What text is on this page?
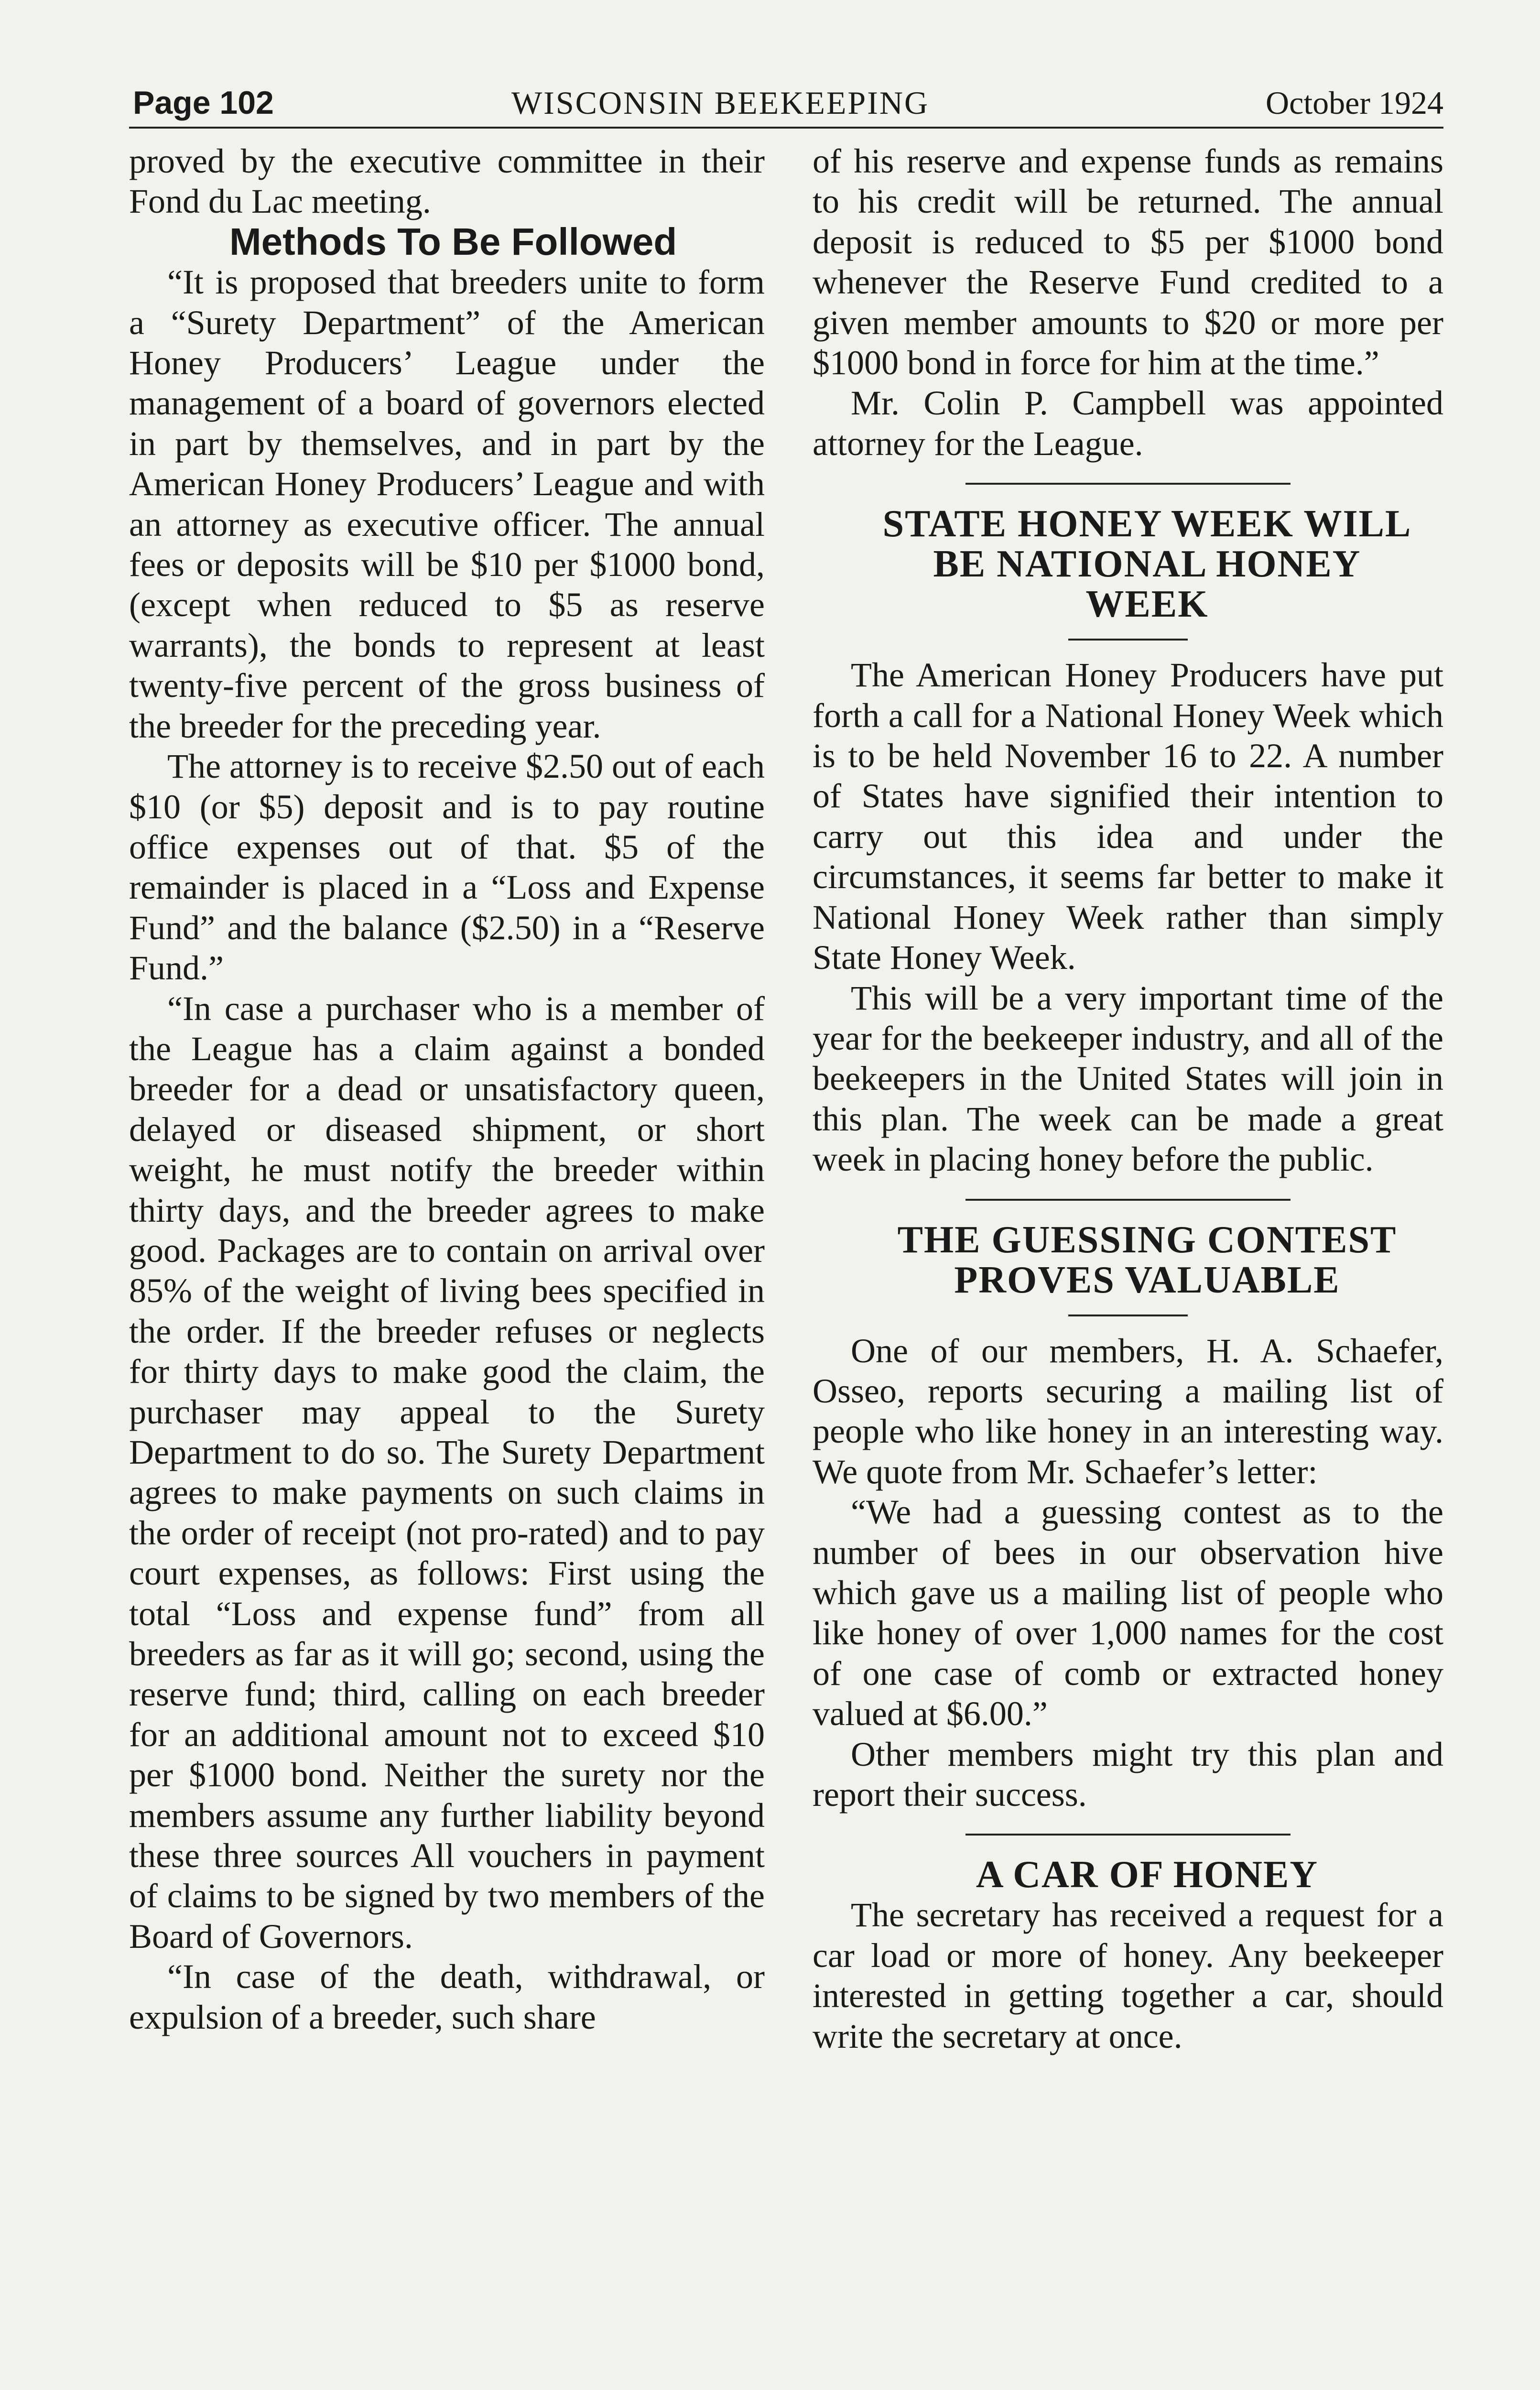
Page 102	WISCONSIN BEEKEEPING	October 1924

proved by the executive committee in their Fond du Lac meeting.

Methods To Be Followed

“It is proposed that breeders unite to form a “Surety Department” of the American Honey Producers’ League under the management of a board of governors elected in part by themselves, and in part by the American Honey Producers’ League and with an attorney as executive officer. The annual fees or deposits will be $10 per $1000 bond, (except when reduced to $5 as reserve warrants), the bonds to represent at least twenty-five percent of the gross business of the breeder for the preceding year.

The attorney is to receive $2.50 out of each $10 (or $5) deposit and is to pay routine office expenses out of that. $5 of the remainder is placed in a “Loss and Expense Fund” and the balance ($2.50) in a “Reserve Fund.”

“In case a purchaser who is a member of the League has a claim against a bonded breeder for a dead or unsatisfactory queen, delayed or diseased shipment, or short weight, he must notify the breeder within thirty days, and the breeder agrees to make good. Packages are to contain on arrival over 85% of the weight of living bees specified in the order. If the breeder refuses or neglects for thirty days to make good the claim, the purchaser may appeal to the Surety Department to do so. The Surety Department agrees to make payments on such claims in the order of receipt (not pro-rated) and to pay court expenses, as follows: First using the total “Loss and expense fund” from all breeders as far as it will go; second, using the reserve fund; third, calling on each breeder for an additional amount not to exceed $10 per $1000 bond. Neither the surety nor the members assume any further liability beyond these three sources All vouchers in payment of claims to be signed by two members of the Board of Governors.

“In case of the death, withdrawal, or expulsion of a breeder, such share

of his reserve and expense funds as remains to his credit will be returned. The annual deposit is reduced to $5 per $1000 bond whenever the Reserve Fund credited to a given member amounts to $20 or more per $1000 bond in force for him at the time.”

Mr. Colin P. Campbell was appointed attorney for the League.

STATE HONEY WEEK WILL

BE NATIONAL HONEY

WEEK

The American Honey Producers have put forth a call for a National Honey Week which is to be held November 16 to 22. A number of States have signified their intention to carry out this idea and under the circumstances, it seems far better to make it National Honey Week rather than simply State Honey Week.

This will be a very important time of the year for the beekeeper industry, and all of the beekeepers in the United States will join in this plan. The week can be made a great week in placing honey before the public.

THE GUESSING CONTEST

PROVES VALUABLE

One of our members, H. A. Schaefer, Osseo, reports securing a mailing list of people who like honey in an interesting way. We quote from Mr. Schaefer’s letter:

“We had a guessing contest as to the number of bees in our observation hive which gave us a mailing list of people who like honey of over 1,000 names for the cost of one case of comb or extracted honey valued at $6.00.”

Other members might try this plan and report their success.

A CAR OF HONEY

The secretary has received a request for a car load or more of honey. Any beekeeper interested in getting together a car, should write the secretary at once.
